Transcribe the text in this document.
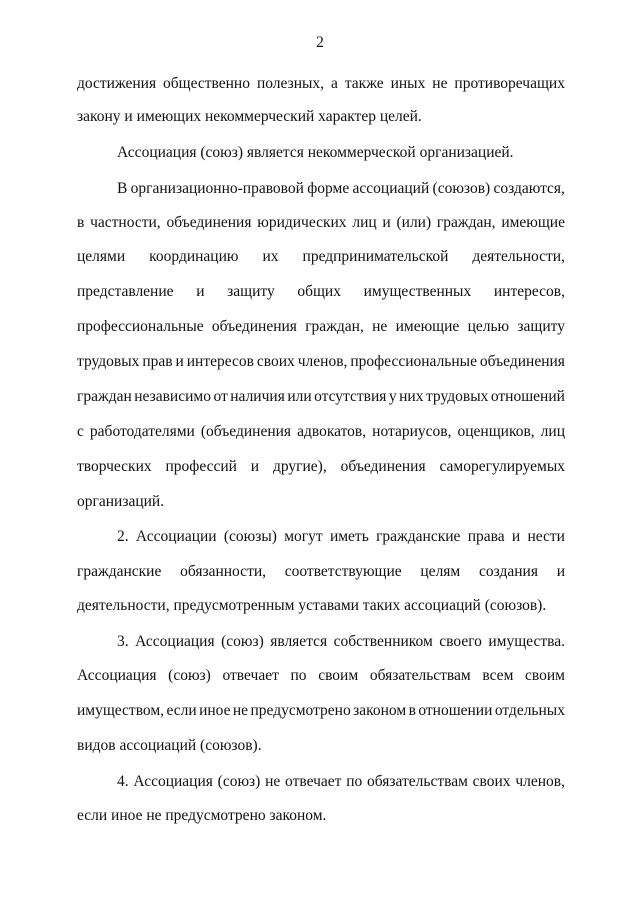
2
достижения общественно полезных, а также иных не противоречащих
закону и имеющих некоммерческий характер целей.
Ассоциация (союз) является некоммерческой организацией.
В организационно-правовой форме ассоциаций (союзов) создаются,
в частности, объединения юридических лиц и (или) граждан, имеющие
целями координацию их предпринимательской деятельности,
представление и защиту общих имущественных интересов,
профессиональные объединения граждан, не имеющие целью защиту
трудовых прав и интересов своих членов, профессиональные объединения
граждан независимо от наличия или отсутствия у них трудовых отношений
с работодателями (объединения адвокатов, нотариусов, оценщиков, лиц
творческих профессий и другие), объединения саморегулируемых
организаций.
2. Ассоциации (союзы) могут иметь гражданские права и нести
гражданские обязанности, соответствующие целям создания и
деятельности, предусмотренным уставами таких ассоциаций (союзов).
3. Ассоциация (союз) является собственником своего имущества.
Ассоциация (союз) отвечает по своим обязательствам всем своим
имуществом, если иное не предусмотрено законом в отношении отдельных
видов ассоциаций (союзов).
4. Ассоциация (союз) не отвечает по обязательствам своих членов,
если иное не предусмотрено законом.
